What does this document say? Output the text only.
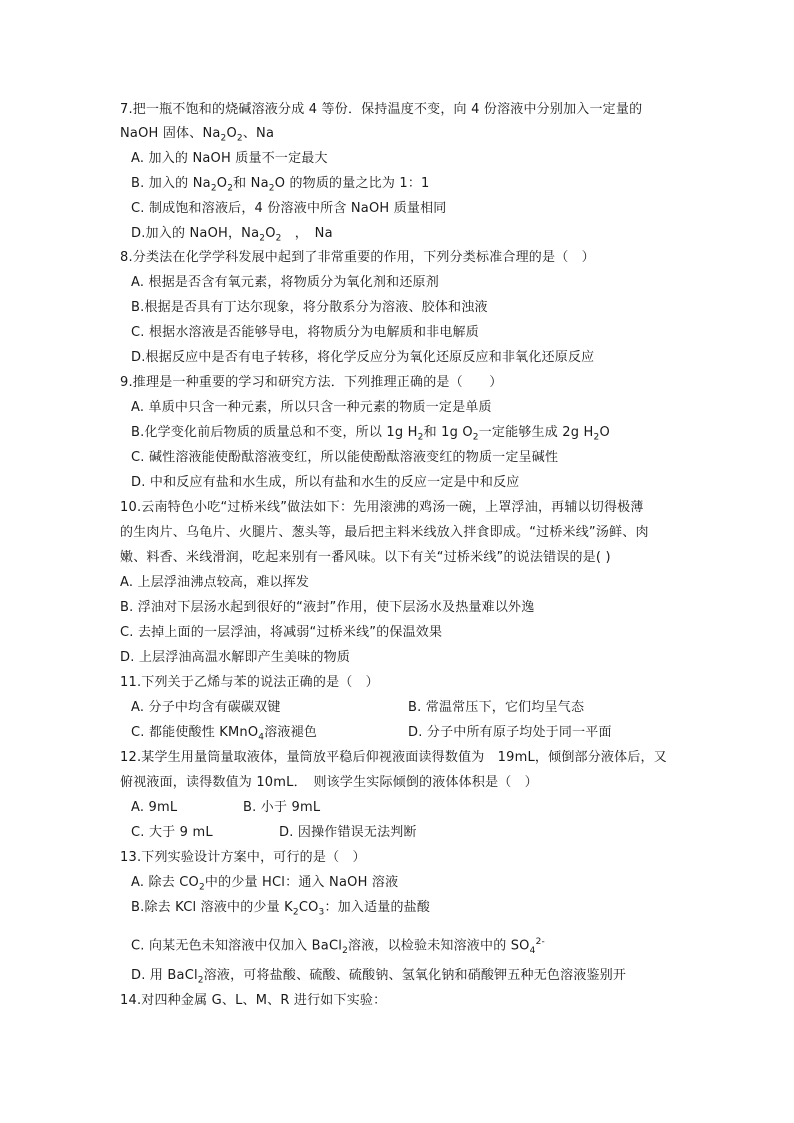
7.把一瓶不饱和的烧碱溶液分成 4 等份．保持温度不变，向 4 份溶液中分别加入一定量的
NaOH 固体、$Na_2O_2$、Na
A. 加入的 NaOH 质量不一定最大
B. 加入的 $Na_2O_2$和 $Na_2O$ 的物质的量之比为 1：1
C. 制成饱和溶液后，4 份溶液中所含 NaOH 质量相同
D.加入的 NaOH，$Na_2O_2$　，　Na
8.分类法在化学学科发展中起到了非常重要的作用，下列分类标准合理的是（　）
A. 根据是否含有氧元素，将物质分为氧化剂和还原剂
B.根据是否具有丁达尔现象，将分散系分为溶液、胶体和浊液
C. 根据水溶液是否能够导电，将物质分为电解质和非电解质
D.根据反应中是否有电子转移，将化学反应分为氧化还原反应和非氧化还原反应
9.推理是一种重要的学习和研究方法．下列推理正确的是（　　）
A. 单质中只含一种元素，所以只含一种元素的物质一定是单质
B.化学变化前后物质的质量总和不变，所以 1g $H_2$和 1g $O_2$一定能够生成 2g $H_2O$
C. 碱性溶液能使酚酞溶液变红，所以能使酚酞溶液变红的物质一定呈碱性
D. 中和反应有盐和水生成，所以有盐和水生的反应一定是中和反应
10.云南特色小吃“过桥米线”做法如下：先用滚沸的鸡汤一碗，上罩浮油，再辅以切得极薄
的生肉片、乌龟片、火腿片、葱头等，最后把主料米线放入拌食即成。“过桥米线”汤鲜、肉
嫩、料香、米线滑润，吃起来别有一番风味。以下有关“过桥米线”的说法错误的是( )
A. 上层浮油沸点较高，难以挥发
B. 浮油对下层汤水起到很好的“液封”作用，使下层汤水及热量难以外逸
C. 去掉上面的一层浮油，将减弱“过桥米线”的保温效果
D. 上层浮油高温水解即产生美味的物质
11.下列关于乙烯与苯的说法正确的是（　）
A. 分子中均含有碳碳双键	B. 常温常压下，它们均呈气态
C. 都能使酸性 KMnO$_4$溶液褪色	D. 分子中所有原子均处于同一平面
12.某学生用量筒量取液体，量筒放平稳后仰视液面读得数值为　19mL，倾倒部分液体后，又
俯视液面，读得数值为 10mL．　则该学生实际倾倒的液体体积是（　）
A. 9mL	B. 小于 9mL
C. 大于 9 mL	D. 因操作错误无法判断
13.下列实验设计方案中，可行的是（　）
A. 除去 $CO_2$中的少量 HCl：通入 NaOH 溶液
B.除去 KCl 溶液中的少量 $K_2CO_3$：加入适量的盐酸
C. 向某无色未知溶液中仅加入 BaCl$_2$溶液，以检验未知溶液中的 $SO_4^{2-}$
D. 用 BaCl$_2$溶液，可将盐酸、硫酸、硫酸钠、氢氧化钠和硝酸钾五种无色溶液鉴别开
14.对四种金属 G、L、M、R 进行如下实验：
